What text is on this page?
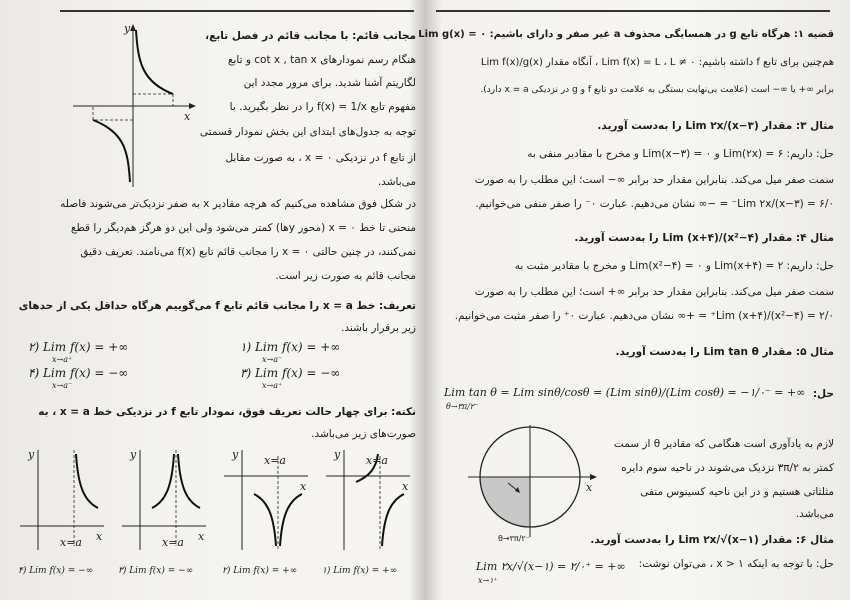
y
x
مجانب قائم: با مجانب قائم در فصل تابع،
هنگام رسم نمودارهای cot x , tan x و تابع
لگاریتم آشنا شدید. برای مرور مجدد این
مفهوم تابع f(x) = 1/x را در نظر بگیرید. با
توجه به جدول‌های ابتدای این بخش نمودار قسمتی
از تابع f در نزدیکی x = ۰ ، به صورت مقابل
می‌باشد.
در شکل فوق مشاهده می‌کنیم که هرچه مقادیر x به صفر نزدیک‌تر می‌شوند فاصله
منحنی تا خط x = ۰ (محور yها) کمتر می‌شود ولی این دو هرگز هم‌دیگر را قطع
نمی‌کنند، در چنین حالتی x = ۰ را مجانب قائم تابع f(x) می‌نامند. تعریف دقیق
مجانب قائم به صورت زیر است.
تعریف: خط x = a را مجانب قائم تابع f می‌گوییم هرگاه حداقل یکی از حدهای
زیر برقرار باشند.
۱) Lim f(x) = +∞
x→a⁻
۲) Lim f(x) = +∞
x→a⁺
۳) Lim f(x) = −∞
x→a⁺
۴) Lim f(x) = −∞
x→a⁻
نکته: برای چهار حالت تعریف فوق، نمودار تابع f در نزدیکی خط x = a ، به
صورت‌های زیر می‌باشد.
y
x
x=a
y
x
x=a
y
x
x=a	y
x
x=a
۴) Lim f(x) = −∞	۳) Lim f(x) = −∞	۲) Lim f(x) = +∞	۱) Lim f(x) = +∞
قضیه ۱: هرگاه تابع g در همسایگی محذوف a غیر صفر و دارای باشیم: Lim g(x) = ۰
هم‌چنین برای تابع f داشته باشیم: Lim f(x) = L ، L ≠ ۰ ، آنگاه مقدار Lim f(x)/g(x)
برابر ∞+ یا ∞− است (علامت بی‌نهایت بستگی به علامت دو تابع f و g در نزدیکی x = a دارد).
مثال ۳: مقدار Lim ۲x/(x−۳) را به‌دست آورید.
حل: داریم: Lim(۲x) = ۶ و Lim(x−۳) = ۰ و مخرج با مقادیر منفی به
سمت صفر میل می‌کند. بنابراین مقدار حد برابر ∞− است؛ این مطلب را به صورت
Lim ۲x/(x−۳) = ۶/۰⁻ = −∞ نشان می‌دهیم. عبارت ۰⁻ را صفر منفی می‌خوانیم.
مثال ۴: مقدار Lim (x+۴)/(x²−۴) را به‌دست آورید.
حل: داریم: Lim(x+۴) = ۲ و Lim(x²−۴) = ۰ و مخرج با مقادیر مثبت به
سمت صفر میل می‌کند. بنابراین مقدار حد برابر ∞+ است؛ این مطلب را به صورت
Lim (x+۴)/(x²−۴) = ۲/۰⁺ = +∞ نشان می‌دهیم. عبارت ۰⁺ را صفر مثبت می‌خوانیم.
مثال ۵: مقدار Lim tan θ را به‌دست آورید.
حل:
Lim tan θ = Lim sinθ/cosθ = (Lim sinθ)/(Lim cosθ) = −۱/۰⁻ = +∞
θ→۳π/۲⁻
x
θ→۳π/۲⁻
لازم به یادآوری است هنگامی که مقادیر θ از سمت
کمتر به ۳π/۲ نزدیک می‌شوند در ناحیه سوم دایره
مثلثاتی هستیم و در این ناحیه کسینوس منفی
می‌باشد.
مثال ۶: مقدار Lim ۲x/√(x−۱) را به‌دست آورید.
حل: با توجه به اینکه ۱ < x ، می‌توان نوشت:
Lim ۲x/√(x−۱) = ۲/۰⁺ = +∞
x→۱⁺
